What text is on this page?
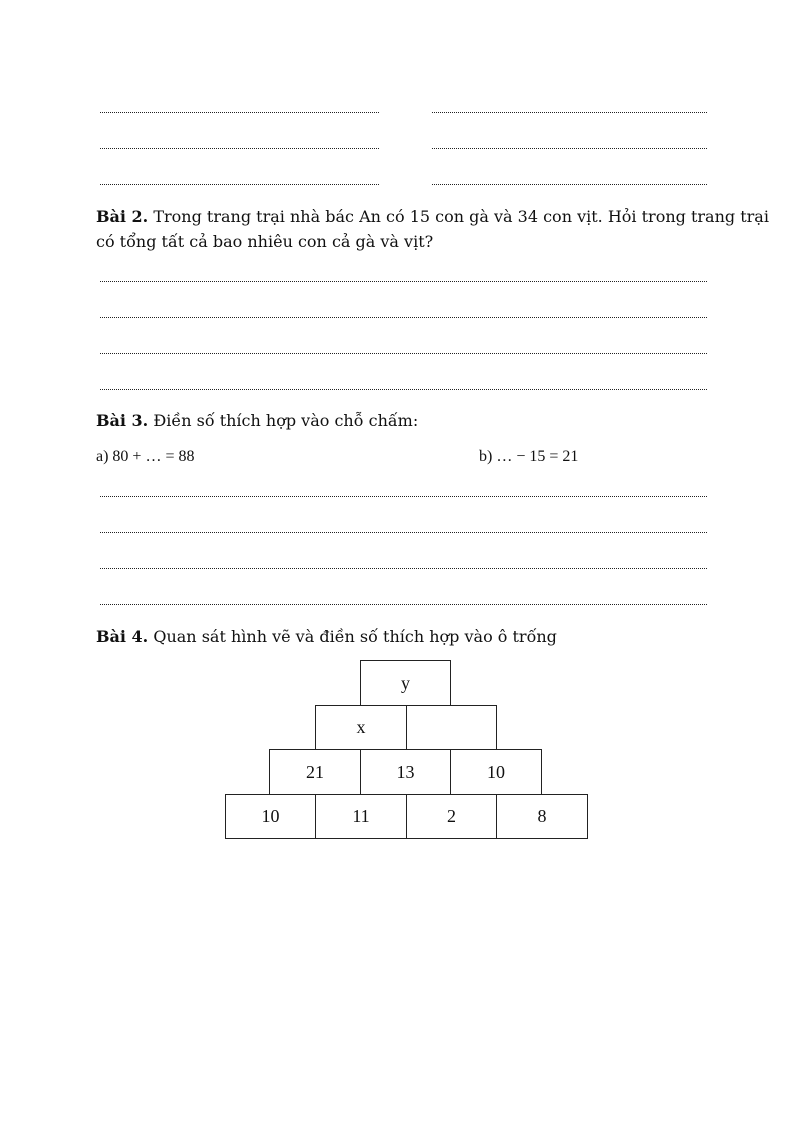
Bài 2. Trong trang trại nhà bác An có 15 con gà và 34 con vịt. Hỏi trong trang trại
có tổng tất cả bao nhiêu con cả gà và vịt?
Bài 3. Điền số thích hợp vào chỗ chấm:
a) 80 + … = 88	b) … − 15 = 21
Bài 4. Quan sát hình vẽ và điền số thích hợp vào ô trống
y
x
21	13	10
10	11	2	8
